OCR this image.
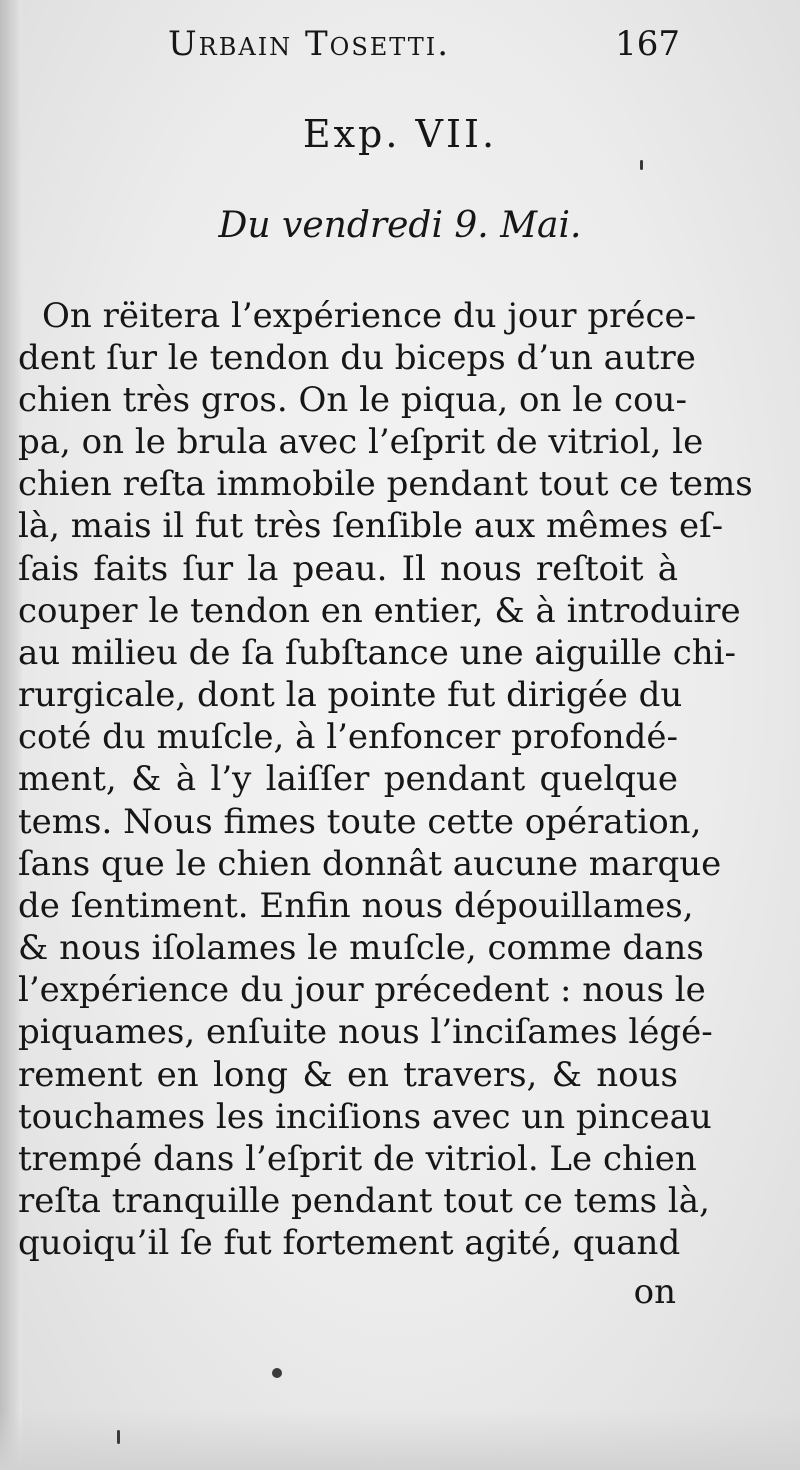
Urbain Tosetti.	167
Exp. VII.
Du vendredi 9. Mai.
On rëitera l’expérience du jour préce-
dent ſur le tendon du biceps d’un autre
chien très gros. On le piqua, on le cou-
pa, on le brula avec l’eſprit de vitriol, le
chien reſta immobile pendant tout ce tems
là, mais il fut très ſenſible aux mêmes eſ-
ſais faits ſur la peau. Il nous reſtoit à
couper le tendon en entier, & à introduire
au milieu de ſa ſubſtance une aiguille chi-
rurgicale, dont la pointe fut dirigée du
coté du muſcle, à l’enfoncer profondé-
ment, & à l’y laiſſer pendant quelque
tems. Nous fimes toute cette opération,
ſans que le chien donnât aucune marque
de ſentiment. Enfin nous dépouillames,
& nous iſolames le muſcle, comme dans
l’expérience du jour précedent : nous le
piquames, enſuite nous l’inciſames légé-
rement en long & en travers, & nous
touchames les inciſions avec un pinceau
trempé dans l’eſprit de vitriol. Le chien
reſta tranquille pendant tout ce tems là,
quoiqu’il ſe fut fortement agité, quand
on
